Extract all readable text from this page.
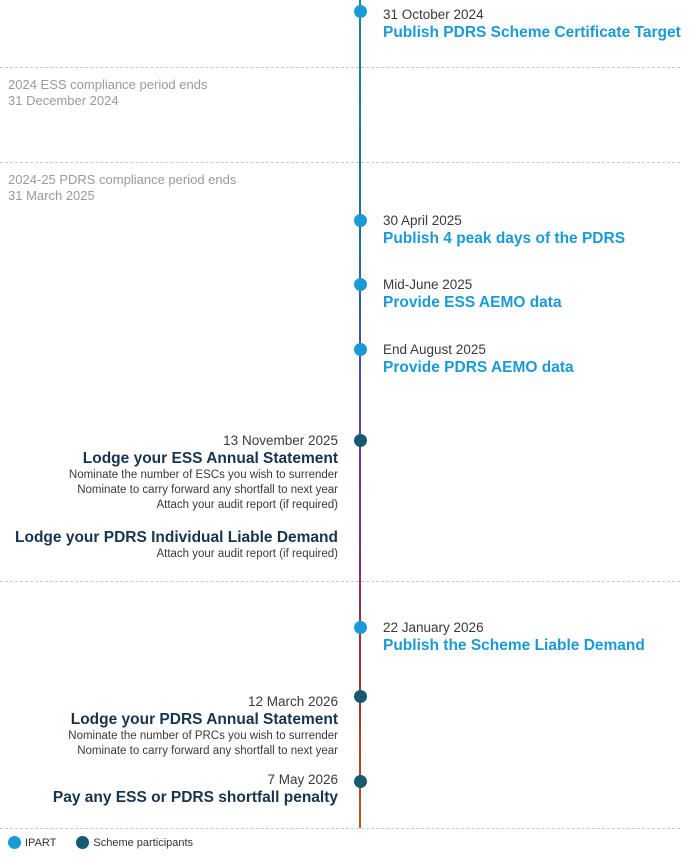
31 October 2024
Publish PDRS Scheme Certificate Target
2024 ESS compliance period ends
31 December 2024
2024-25 PDRS compliance period ends
31 March 2025
30 April 2025
Publish 4 peak days of the PDRS
Mid-June 2025
Provide ESS AEMO data
End August 2025
Provide PDRS AEMO data
13 November 2025
Lodge your ESS Annual Statement
Nominate the number of ESCs you wish to surrender
Nominate to carry forward any shortfall to next year
Attach your audit report (if required)
Lodge your PDRS Individual Liable Demand
Attach your audit report (if required)
22 January 2026
Publish the Scheme Liable Demand
12 March 2026
Lodge your PDRS Annual Statement
Nominate the number of PRCs you wish to surrender
Nominate to carry forward any shortfall to next year
7 May 2026
Pay any ESS or PDRS shortfall penalty
IPART	Scheme participants
